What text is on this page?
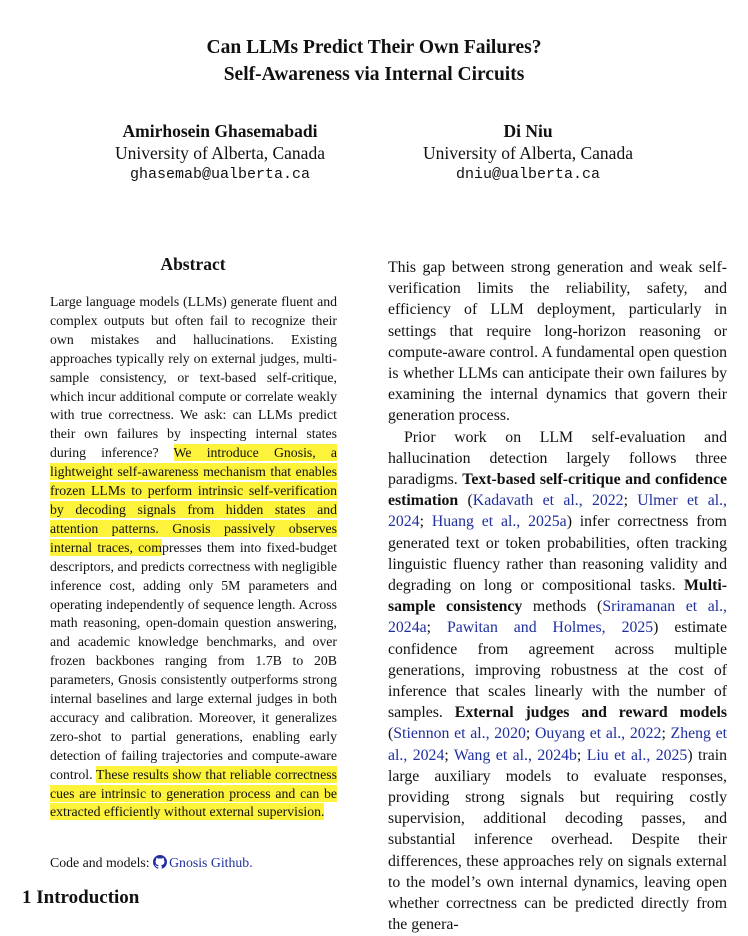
Can LLMs Predict Their Own Failures?
Self-Awareness via Internal Circuits
Amirhosein Ghasemabadi
University of Alberta, Canada
ghasemab@ualberta.ca
Di Niu
University of Alberta, Canada
dniu@ualberta.ca
Abstract

Large language models (LLMs) generate fluent and complex outputs but often fail to recognize their own mistakes and hallucinations. Existing approaches typically rely on external judges, multi-sample consistency, or text-based self-critique, which incur additional compute or correlate weakly with true correctness. We ask: can LLMs predict their own failures by inspecting internal states during inference? We introduce Gnosis, a lightweight self-awareness mechanism that enables frozen LLMs to perform intrinsic self-verification by decoding signals from hidden states and attention patterns. Gnosis passively observes internal traces, compresses them into fixed-budget descriptors, and predicts correctness with negligible inference cost, adding only 5M parameters and operating independently of sequence length. Across math reasoning, open-domain question answering, and academic knowledge benchmarks, and over frozen backbones ranging from 1.7B to 20B parameters, Gnosis consistently outperforms strong internal baselines and large external judges in both accuracy and calibration. Moreover, it generalizes zero-shot to partial generations, enabling early detection of failing trajectories and compute-aware control. These results show that reliable correctness cues are intrinsic to generation process and can be extracted efficiently without external supervision.

Code and models: Gnosis Github.
1 Introduction

This gap between strong generation and weak self-verification limits the reliability, safety, and efficiency of LLM deployment, particularly in settings that require long-horizon reasoning or compute-aware control. A fundamental open question is whether LLMs can anticipate their own failures by examining the internal dynamics that govern their generation process.

Prior work on LLM self-evaluation and hallucination detection largely follows three paradigms. Text-based self-critique and confidence estimation (Kadavath et al., 2022; Ulmer et al., 2024; Huang et al., 2025a) infer correctness from generated text or token probabilities, often tracking linguistic fluency rather than reasoning validity and degrading on long or compositional tasks. Multi-sample consistency methods (Sriramanan et al., 2024a; Pawitan and Holmes, 2025) estimate confidence from agreement across multiple generations, improving robustness at the cost of inference that scales linearly with the number of samples. External judges and reward models (Stiennon et al., 2020; Ouyang et al., 2022; Zheng et al., 2024; Wang et al., 2024b; Liu et al., 2025) train large auxiliary models to evaluate responses, providing strong signals but requiring costly supervision, additional decoding passes, and substantial inference overhead. Despite their differences, these approaches rely on signals external to the model’s own internal dynamics, leaving open whether correctness can be predicted directly from the genera-
